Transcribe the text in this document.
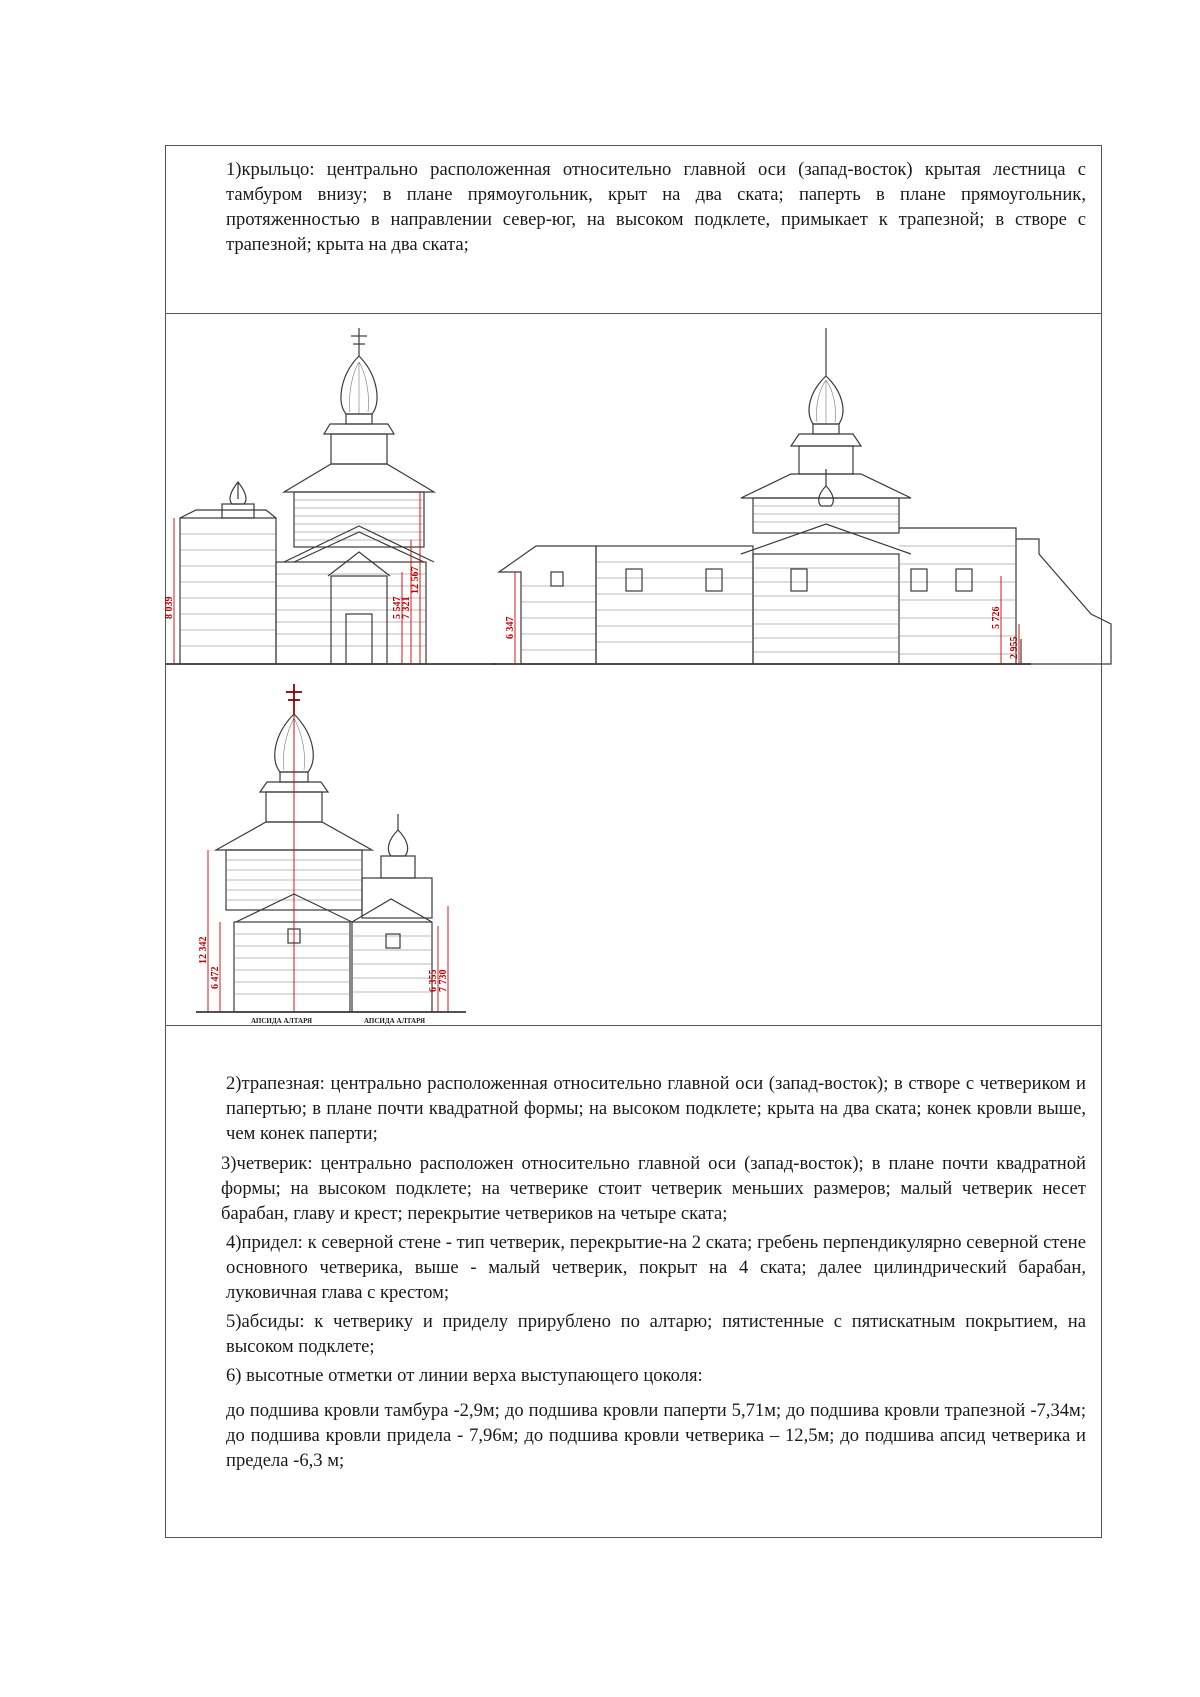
1)крыльцо: центрально расположенная относительно главной оси (запад-восток) крытая лестница с тамбуром внизу; в плане прямоугольник, крыт на два ската; паперть в плане прямоугольник, протяженностью в направлении север-юг, на высоком подклете, примыкает к трапезной; в створе с трапезной; крыта на два ската;

8 039	5 547
7 321
12 567
6 347	5 726
2 955
12 342
6 472	6 355 7 730
АПСИДА АЛТАРЯ	АПСИДА АЛТАРЯ

2)трапезная: центрально расположенная относительно главной оси (запад-восток); в створе с четвериком и папертью; в плане почти квадратной формы; на высоком подклете; крыта на два ската; конек кровли выше, чем конек паперти;

3)четверик: центрально расположен относительно главной оси (запад-восток); в плане почти квадратной формы; на высоком подклете; на четверике стоит четверик меньших размеров; малый четверик несет барабан, главу и крест; перекрытие четвериков на четыре ската;

4)придел: к северной стене - тип четверик, перекрытие-на 2 ската; гребень перпендикулярно северной стене основного четверика, выше - малый четверик, покрыт на 4 ската; далее цилиндрический барабан, луковичная глава с крестом;

5)абсиды: к четверику и приделу прирублено по алтарю; пятистенные с пятискатным покрытием, на высоком подклете;

6) высотные отметки от линии верха выступающего цоколя:

до подшива кровли тамбура -2,9м; до подшива кровли паперти 5,71м; до подшива кровли трапезной -7,34м; до подшива кровли придела - 7,96м; до подшива кровли четверика – 12,5м; до подшива апсид четверика и предела -6,3 м;
